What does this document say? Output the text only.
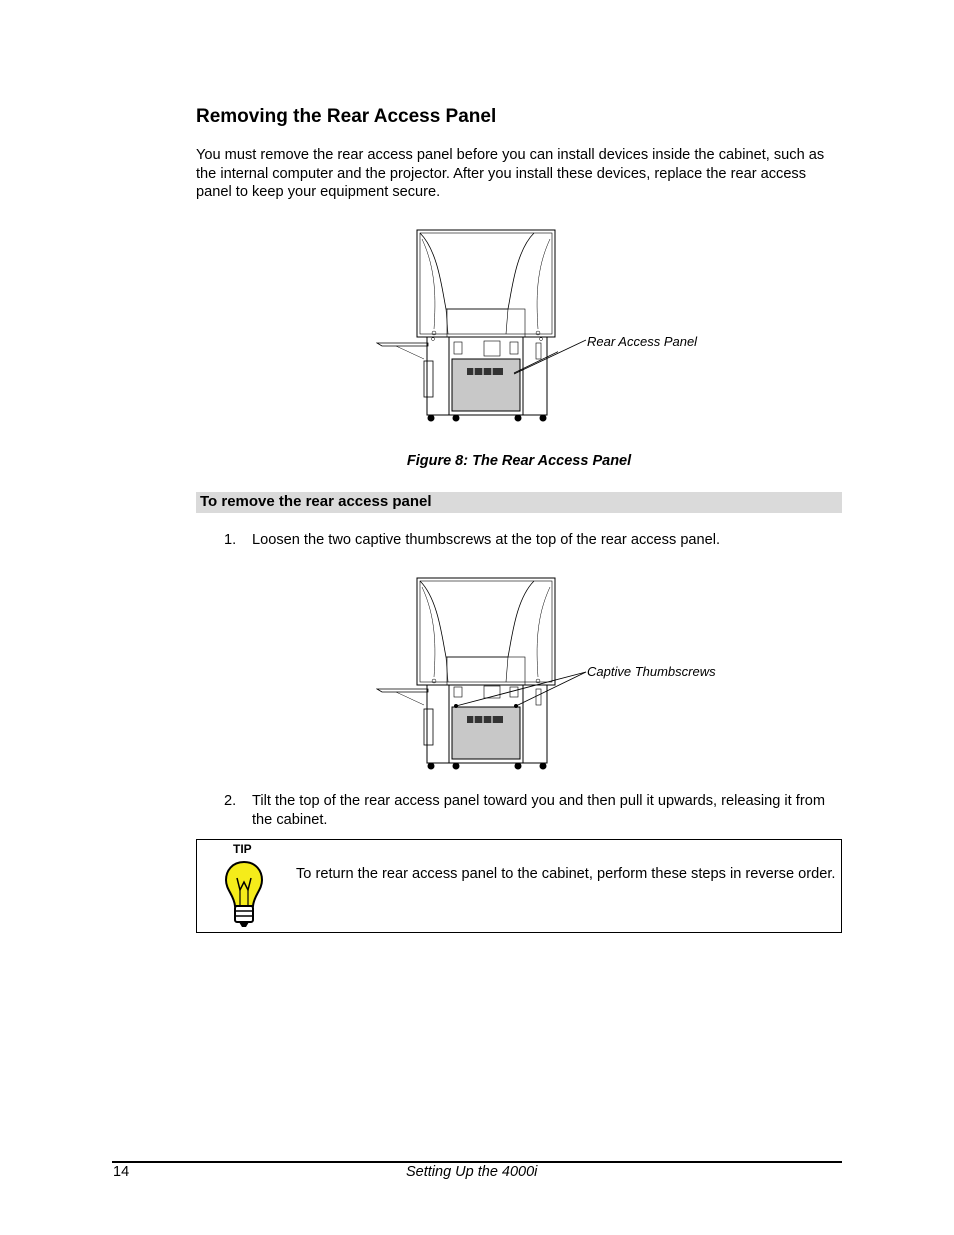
Removing the Rear Access Panel

You must remove the rear access panel before you can install devices inside the cabinet, such as the internal computer and the projector. After you install these devices, replace the rear access panel to keep your equipment secure.

Rear Access Panel
Figure 8: The Rear Access Panel
To remove the rear access panel
1. Loosen the two captive thumbscrews at the top of the rear access panel.
Captive Thumbscrews
2. Tilt the top of the rear access panel toward you and then pull it upwards, releasing it from the cabinet.
TIP
To return the rear access panel to the cabinet, perform these steps in reverse order.
14	Setting Up the 4000i
